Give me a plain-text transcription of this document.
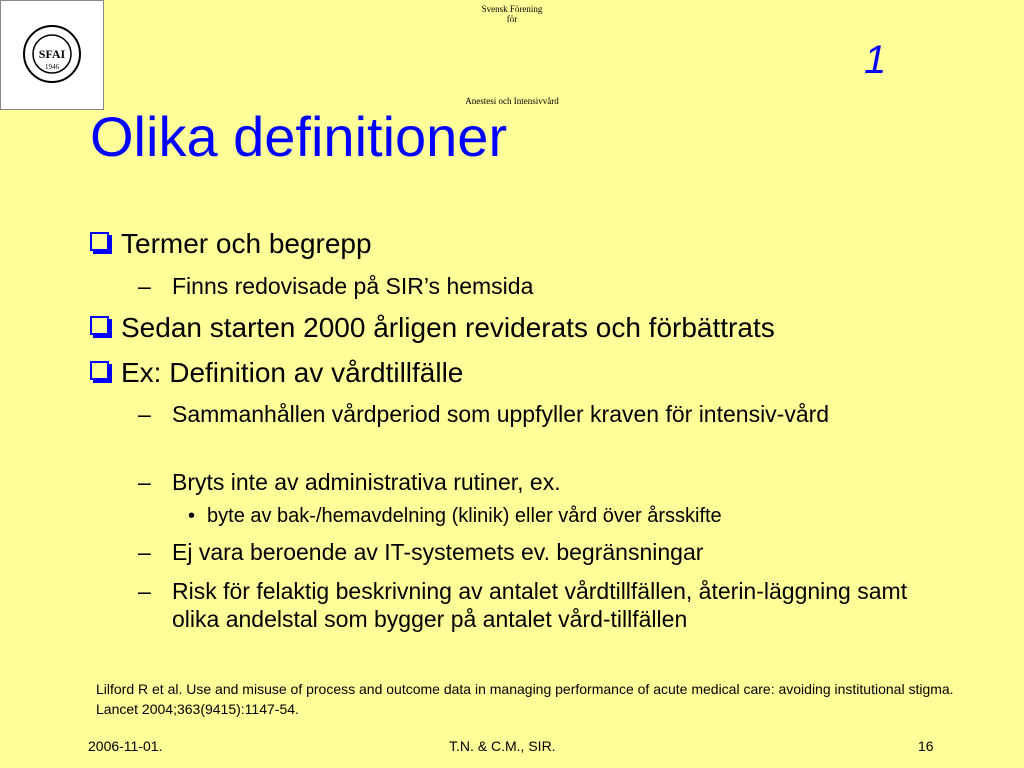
1
Svensk Förening
för
SFAI
1946
Anestesi och Intensivvård
Olika definitioner
Termer och begrepp
– Finns redovisade på SIR’s hemsida
Sedan starten 2000 årligen reviderats och förbättrats
Ex: Definition av vårdtillfälle
– Sammanhållen vårdperiod som uppfyller kraven för intensiv-vård
– Bryts inte av administrativa rutiner, ex.
• byte av bak-/hemavdelning (klinik) eller vård över årsskifte
– Ej vara beroende av IT-systemets ev. begränsningar
– Risk för felaktig beskrivning av antalet vårdtillfällen, återin-läggning samt olika andelstal som bygger på antalet vård-tillfällen
Lilford R et al. Use and misuse of process and outcome data in managing performance of acute medical care: avoiding institutional stigma. Lancet 2004;363(9415):1147-54.
2006-11-01.	T.N. & C.M., SIR.	16
